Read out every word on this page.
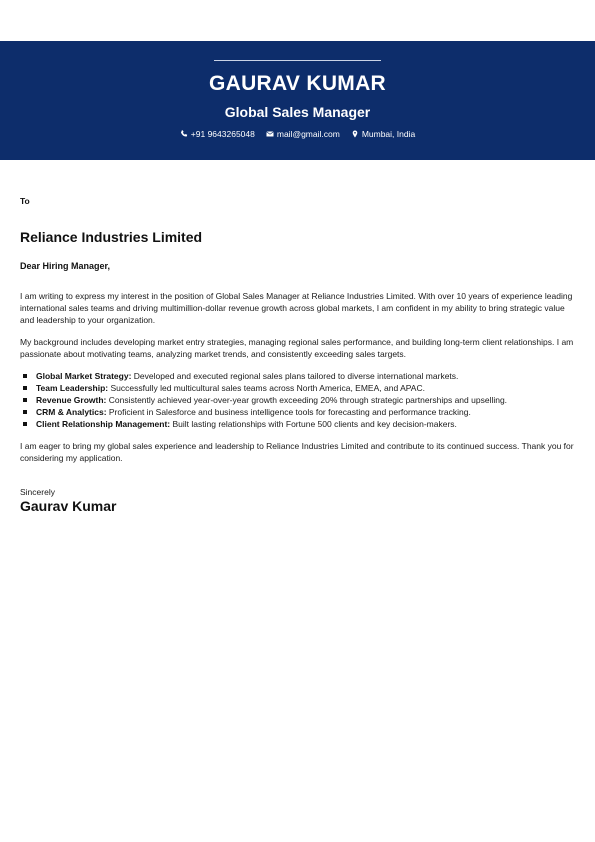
GAURAV KUMAR
Global Sales Manager
+91 9643265048	mail@gmail.com	Mumbai, India
To
Reliance Industries Limited
Dear Hiring Manager,

I am writing to express my interest in the position of Global Sales Manager at Reliance Industries Limited. With over 10 years of experience leading international sales teams and driving multimillion-dollar revenue growth across global markets, I am confident in my ability to bring strategic value and leadership to your organization.

My background includes developing market entry strategies, managing regional sales performance, and building long-term client relationships. I am passionate about motivating teams, analyzing market trends, and consistently exceeding sales targets.

Global Market Strategy: Developed and executed regional sales plans tailored to diverse international markets.
Team Leadership: Successfully led multicultural sales teams across North America, EMEA, and APAC.
Revenue Growth: Consistently achieved year-over-year growth exceeding 20% through strategic partnerships and upselling.
CRM & Analytics: Proficient in Salesforce and business intelligence tools for forecasting and performance tracking.
Client Relationship Management: Built lasting relationships with Fortune 500 clients and key decision-makers.

I am eager to bring my global sales experience and leadership to Reliance Industries Limited and contribute to its continued success. Thank you for considering my application.

Sincerely
Gaurav Kumar
